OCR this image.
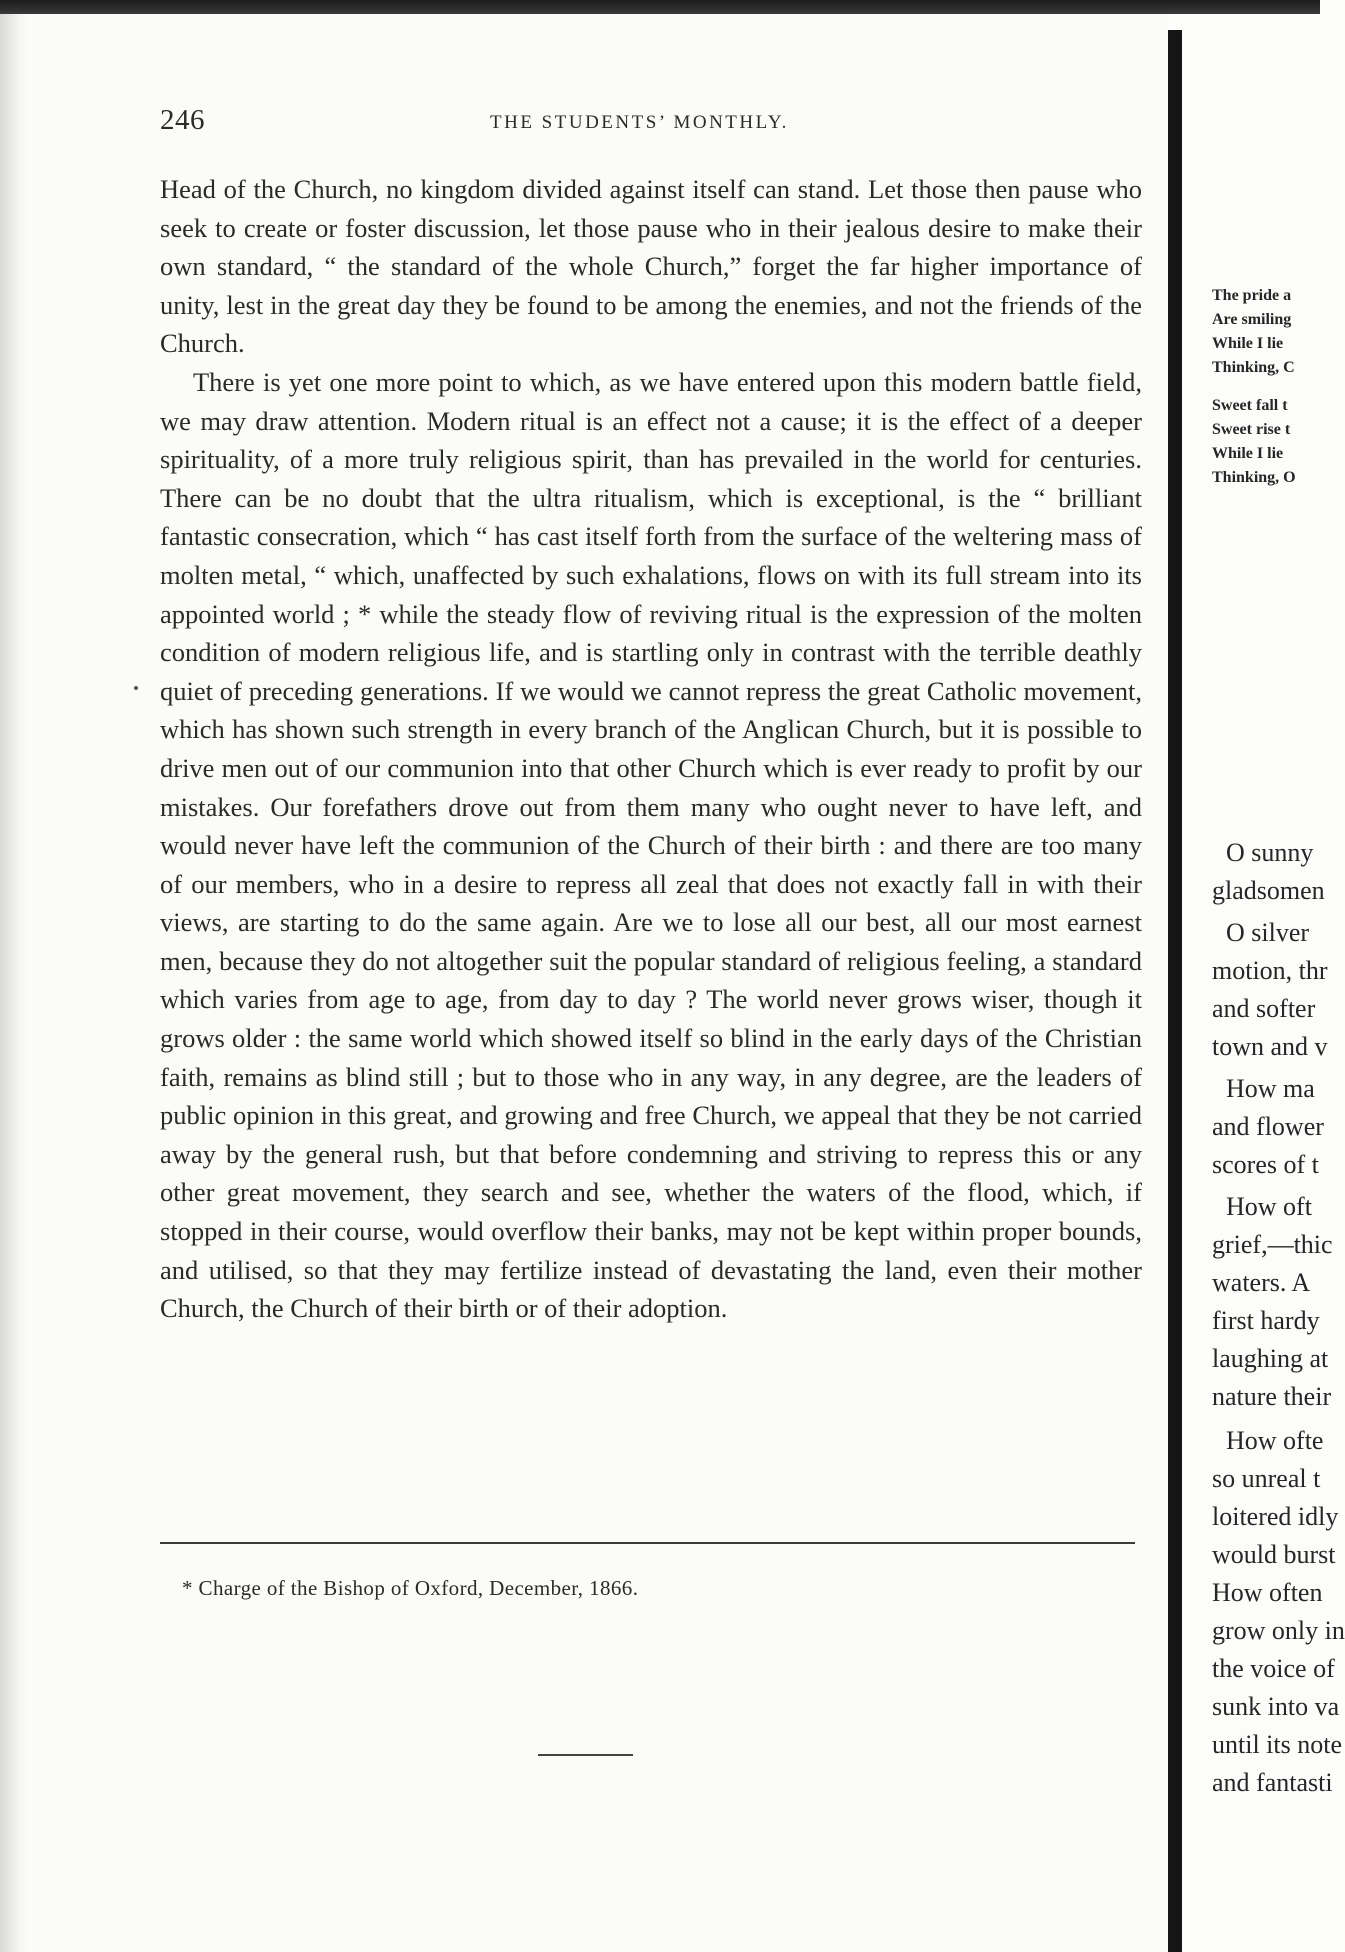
246	THE STUDENTS’ MONTHLY.

Head of the Church, no kingdom divided against itself can stand. Let those then pause who seek to create or foster discussion, let those pause who in their jealous desire to make their own standard, “ the standard of the whole Church,” forget the far higher importance of unity, lest in the great day they be found to be among the enemies, and not the friends of the Church.

There is yet one more point to which, as we have entered upon this modern battle field, we may draw attention. Modern ritual is an effect not a cause; it is the effect of a deeper spirituality, of a more truly religious spirit, than has prevailed in the world for centuries. There can be no doubt that the ultra ritualism, which is exceptional, is the “ brilliant fantastic consecration, which “ has cast itself forth from the surface of the weltering mass of molten metal, “ which, unaffected by such exhalations, flows on with its full stream into its appointed world ; * while the steady flow of reviving ritual is the expression of the molten condition of modern religious life, and is startling only in contrast with the terrible deathly quiet of preceding generations. If we would we cannot repress the great Catholic movement, which has shown such strength in every branch of the Anglican Church, but it is possible to drive men out of our communion into that other Church which is ever ready to profit by our mistakes. Our forefathers drove out from them many who ought never to have left, and would never have left the communion of the Church of their birth : and there are too many of our members, who in a desire to repress all zeal that does not exactly fall in with their views, are starting to do the same again. Are we to lose all our best, all our most earnest men, because they do not altogether suit the popular standard of religious feeling, a standard which varies from age to age, from day to day ? The world never grows wiser, though it grows older : the same world which showed itself so blind in the early days of the Christian faith, remains as blind still ; but to those who in any way, in any degree, are the leaders of public opinion in this great, and growing and free Church, we appeal that they be not carried away by the general rush, but that before condemning and striving to repress this or any other great movement, they search and see, whether the waters of the flood, which, if stopped in their course, would overflow their banks, may not be kept within proper bounds, and utilised, so that they may fertilize instead of devastating the land, even their mother Church, the Church of their birth or of their adoption.

* Charge of the Bishop of Oxford, December, 1866.
The pride a
Are smiling
While I lie
Thinking, C
Sweet fall t
Sweet rise t
While I lie
Thinking, O
O sunny
gladsomen
O silver
motion, thr
and softer
town and v
How ma
and flower
scores of t
How oft
grief,—thic
waters. A
first hardy
laughing at
nature their
How ofte
so unreal t
loitered idly
would burst
How often
grow only in
the voice of
sunk into va
until its note
and fantasti
